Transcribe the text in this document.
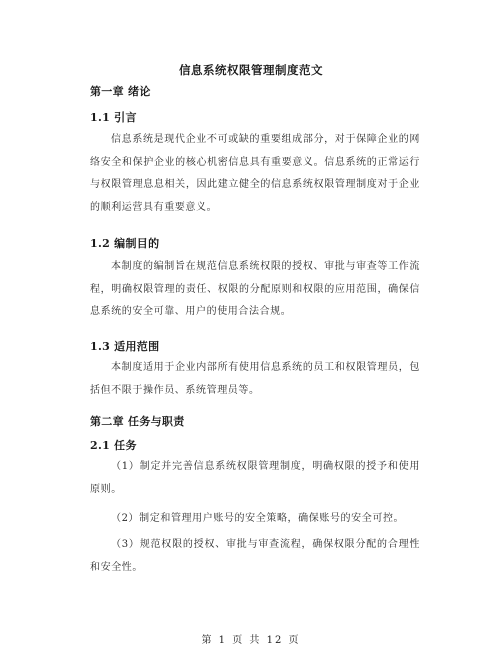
信息系统权限管理制度范文
第一章 绪论
1.1 引言
信息系统是现代企业不可或缺的重要组成部分，对于保障企业的网络安全和保护企业的核心机密信息具有重要意义。信息系统的正常运行与权限管理息息相关，因此建立健全的信息系统权限管理制度对于企业的顺利运营具有重要意义。
1.2 编制目的
本制度的编制旨在规范信息系统权限的授权、审批与审查等工作流程，明确权限管理的责任、权限的分配原则和权限的应用范围，确保信息系统的安全可靠、用户的使用合法合规。
1.3 适用范围
本制度适用于企业内部所有使用信息系统的员工和权限管理员，包括但不限于操作员、系统管理员等。
第二章 任务与职责
2.1 任务
（1）制定并完善信息系统权限管理制度，明确权限的授予和使用原则。
（2）制定和管理用户账号的安全策略，确保账号的安全可控。
（3）规范权限的授权、审批与审查流程，确保权限分配的合理性和安全性。
第 1 页 共 12 页
